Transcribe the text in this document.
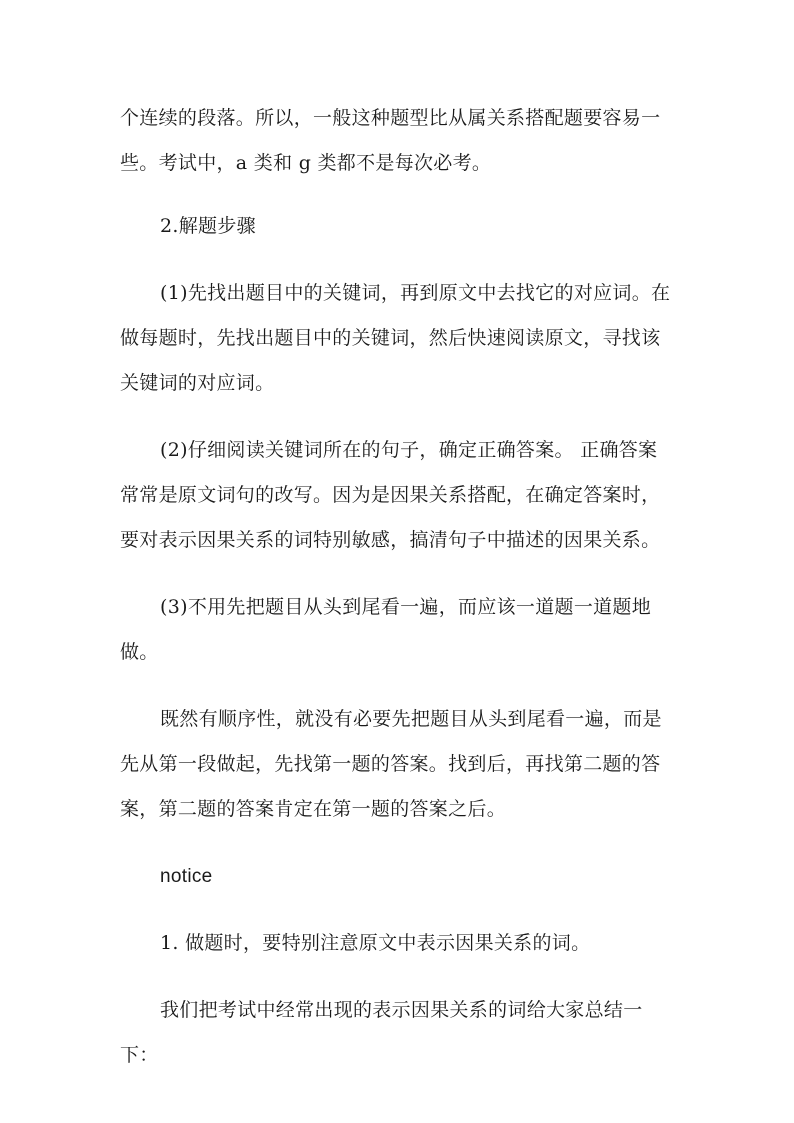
个连续的段落。所以，一般这种题型比从属关系搭配题要容易一
些。考试中，a 类和 g 类都不是每次必考。
2.解题步骤
(1)先找出题目中的关键词，再到原文中去找它的对应词。在
做每题时，先找出题目中的关键词，然后快速阅读原文，寻找该
关键词的对应词。
(2)仔细阅读关键词所在的句子，确定正确答案。 正确答案
常常是原文词句的改写。因为是因果关系搭配，在确定答案时，
要对表示因果关系的词特别敏感，搞清句子中描述的因果关系。
(3)不用先把题目从头到尾看一遍，而应该一道题一道题地
做。
既然有顺序性，就没有必要先把题目从头到尾看一遍，而是
先从第一段做起，先找第一题的答案。找到后，再找第二题的答
案，第二题的答案肯定在第一题的答案之后。
notice
1. 做题时，要特别注意原文中表示因果关系的词。
我们把考试中经常出现的表示因果关系的词给大家总结一
下：
